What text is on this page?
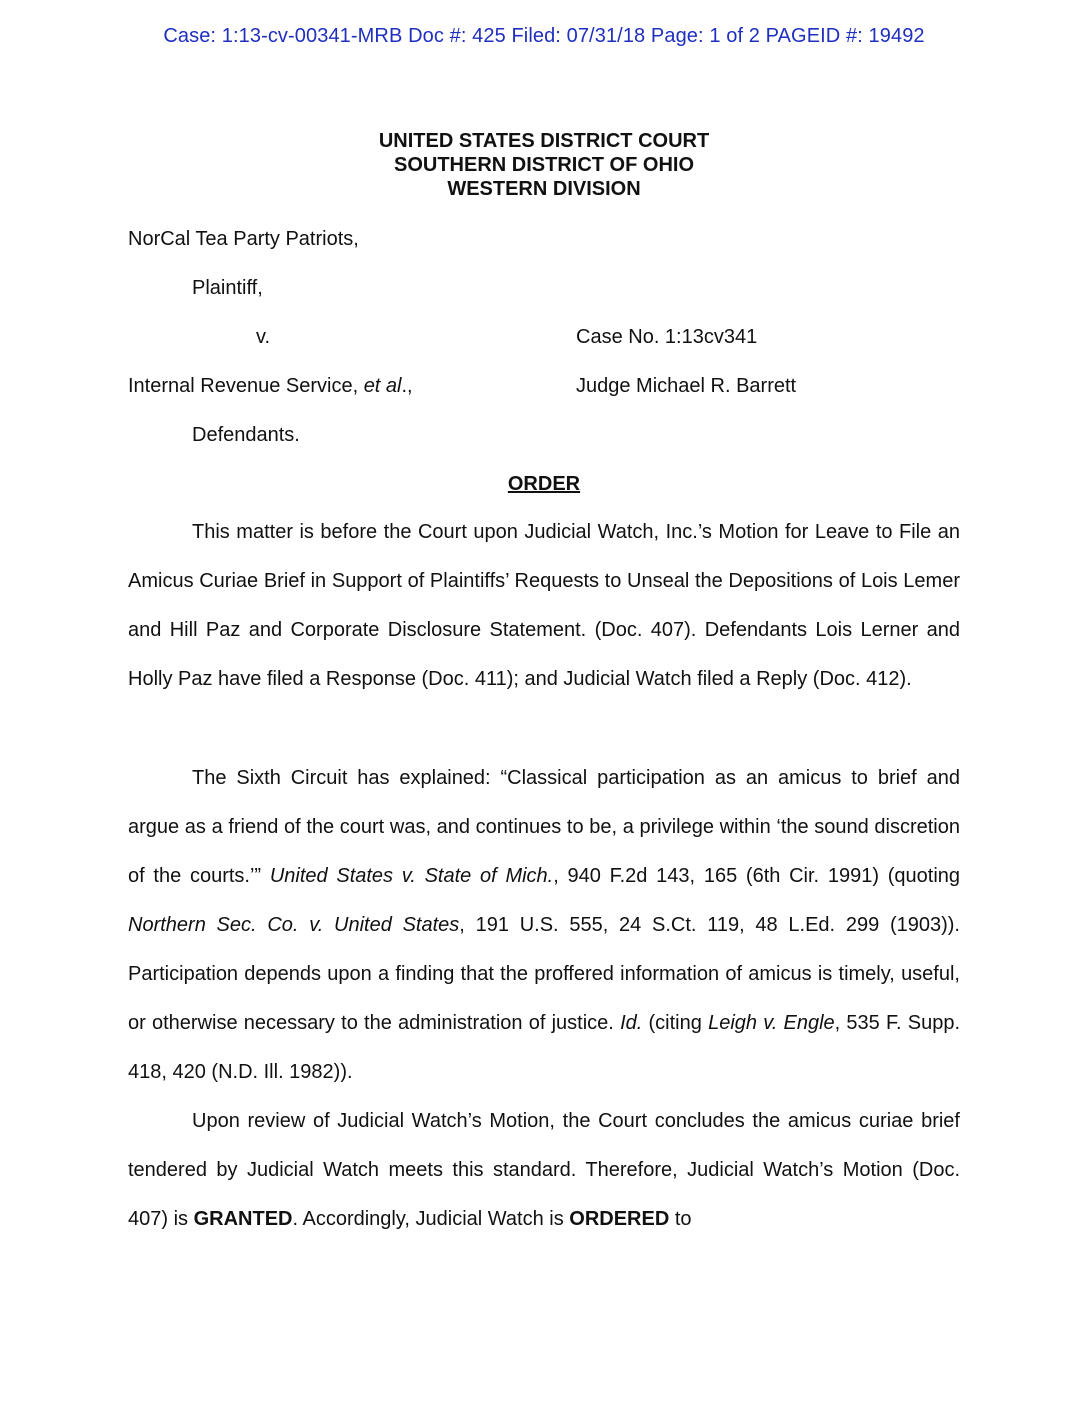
Case: 1:13-cv-00341-MRB Doc #: 425 Filed: 07/31/18 Page: 1 of 2 PAGEID #: 19492
UNITED STATES DISTRICT COURT
SOUTHERN DISTRICT OF OHIO
WESTERN DIVISION
NorCal Tea Party Patriots,
Plaintiff,
v.	Case No. 1:13cv341
Internal Revenue Service, et al.,	Judge Michael R. Barrett
Defendants.
ORDER

This matter is before the Court upon Judicial Watch, Inc.’s Motion for Leave to File an Amicus Curiae Brief in Support of Plaintiffs’ Requests to Unseal the Depositions of Lois Lemer and Hill Paz and Corporate Disclosure Statement. (Doc. 407). Defendants Lois Lerner and Holly Paz have filed a Response (Doc. 411); and Judicial Watch filed a Reply (Doc. 412).

The Sixth Circuit has explained: “Classical participation as an amicus to brief and argue as a friend of the court was, and continues to be, a privilege within ‘the sound discretion of the courts.’” United States v. State of Mich., 940 F.2d 143, 165 (6th Cir. 1991) (quoting Northern Sec. Co. v. United States, 191 U.S. 555, 24 S.Ct. 119, 48 L.Ed. 299 (1903)). Participation depends upon a finding that the proffered information of amicus is timely, useful, or otherwise necessary to the administration of justice. Id. (citing Leigh v. Engle, 535 F. Supp. 418, 420 (N.D. Ill. 1982)).

Upon review of Judicial Watch’s Motion, the Court concludes the amicus curiae brief tendered by Judicial Watch meets this standard. Therefore, Judicial Watch’s Motion (Doc. 407) is GRANTED. Accordingly, Judicial Watch is ORDERED to
